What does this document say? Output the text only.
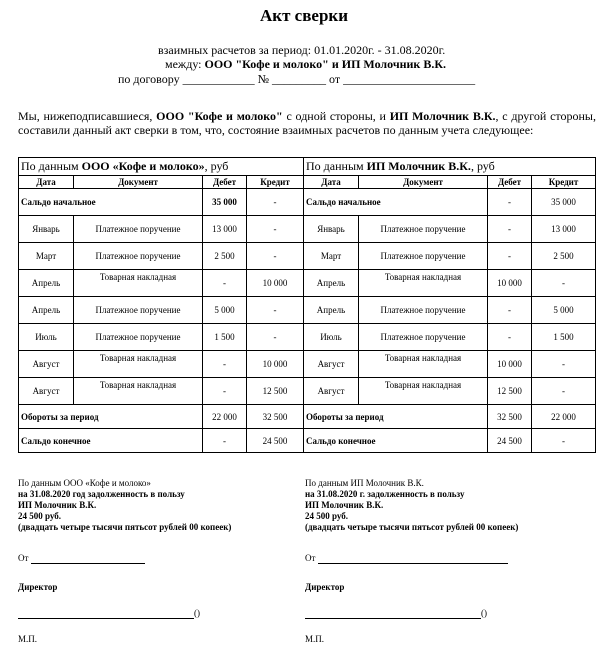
Акт сверки
взаимных расчетов за период: 01.01.2020г. - 31.08.2020г.
между: ООО "Кофе и молоко" и ИП Молочник В.К.
по договору ____________ № _________ от ______________________
Мы, нижеподписавшиеся, ООО "Кофе и молоко" с одной стороны, и ИП Молочник В.К., с другой стороны, составили данный акт сверки в том, что, состояние взаимных расчетов по данным учета следующее:
По данным ООО «Кофе и молоко», руб				По данным ИП Молочник В.К., руб			
Дата	Документ	Дебет	Кредит	Дата	Документ	Дебет	Кредит
Сальдо начальное		35 000	-	Сальдо начальное		-	35 000
Январь	Платежное поручение	13 000	-	Январь	Платежное поручение	-	13 000
Март	Платежное поручение	2 500	-	Март	Платежное поручение	-	2 500
Апрель	Товарная накладная	-	10 000	Апрель	Товарная накладная	10 000	-
Апрель	Платежное поручение	5 000	-	Апрель	Платежное поручение	-	5 000
Июль	Платежное поручение	1 500	-	Июль	Платежное поручение	-	1 500
Август	Товарная накладная	-	10 000	Август	Товарная накладная	10 000	-
Август	Товарная накладная	-	12 500	Август	Товарная накладная	12 500	-
Обороты за период		22 000	32 500	Обороты за период		32 500	22 000
Сальдо конечное		-	24 500	Сальдо конечное		24 500	-
По данным ООО «Кофе и молоко»
на 31.08.2020 год задолженность в пользу
ИП Молочник В.К.
24 500 руб.
(двадцать четыре тысячи пятьсот рублей 00 копеек)
По данным ИП Молочник В.К.
на 31.08.2020 г. задолженность в пользу
ИП Молочник В.К.
24 500 руб.
(двадцать четыре тысячи пятьсот рублей 00 копеек)
От	От
Директор	Директор
()	()
М.П.	М.П.
